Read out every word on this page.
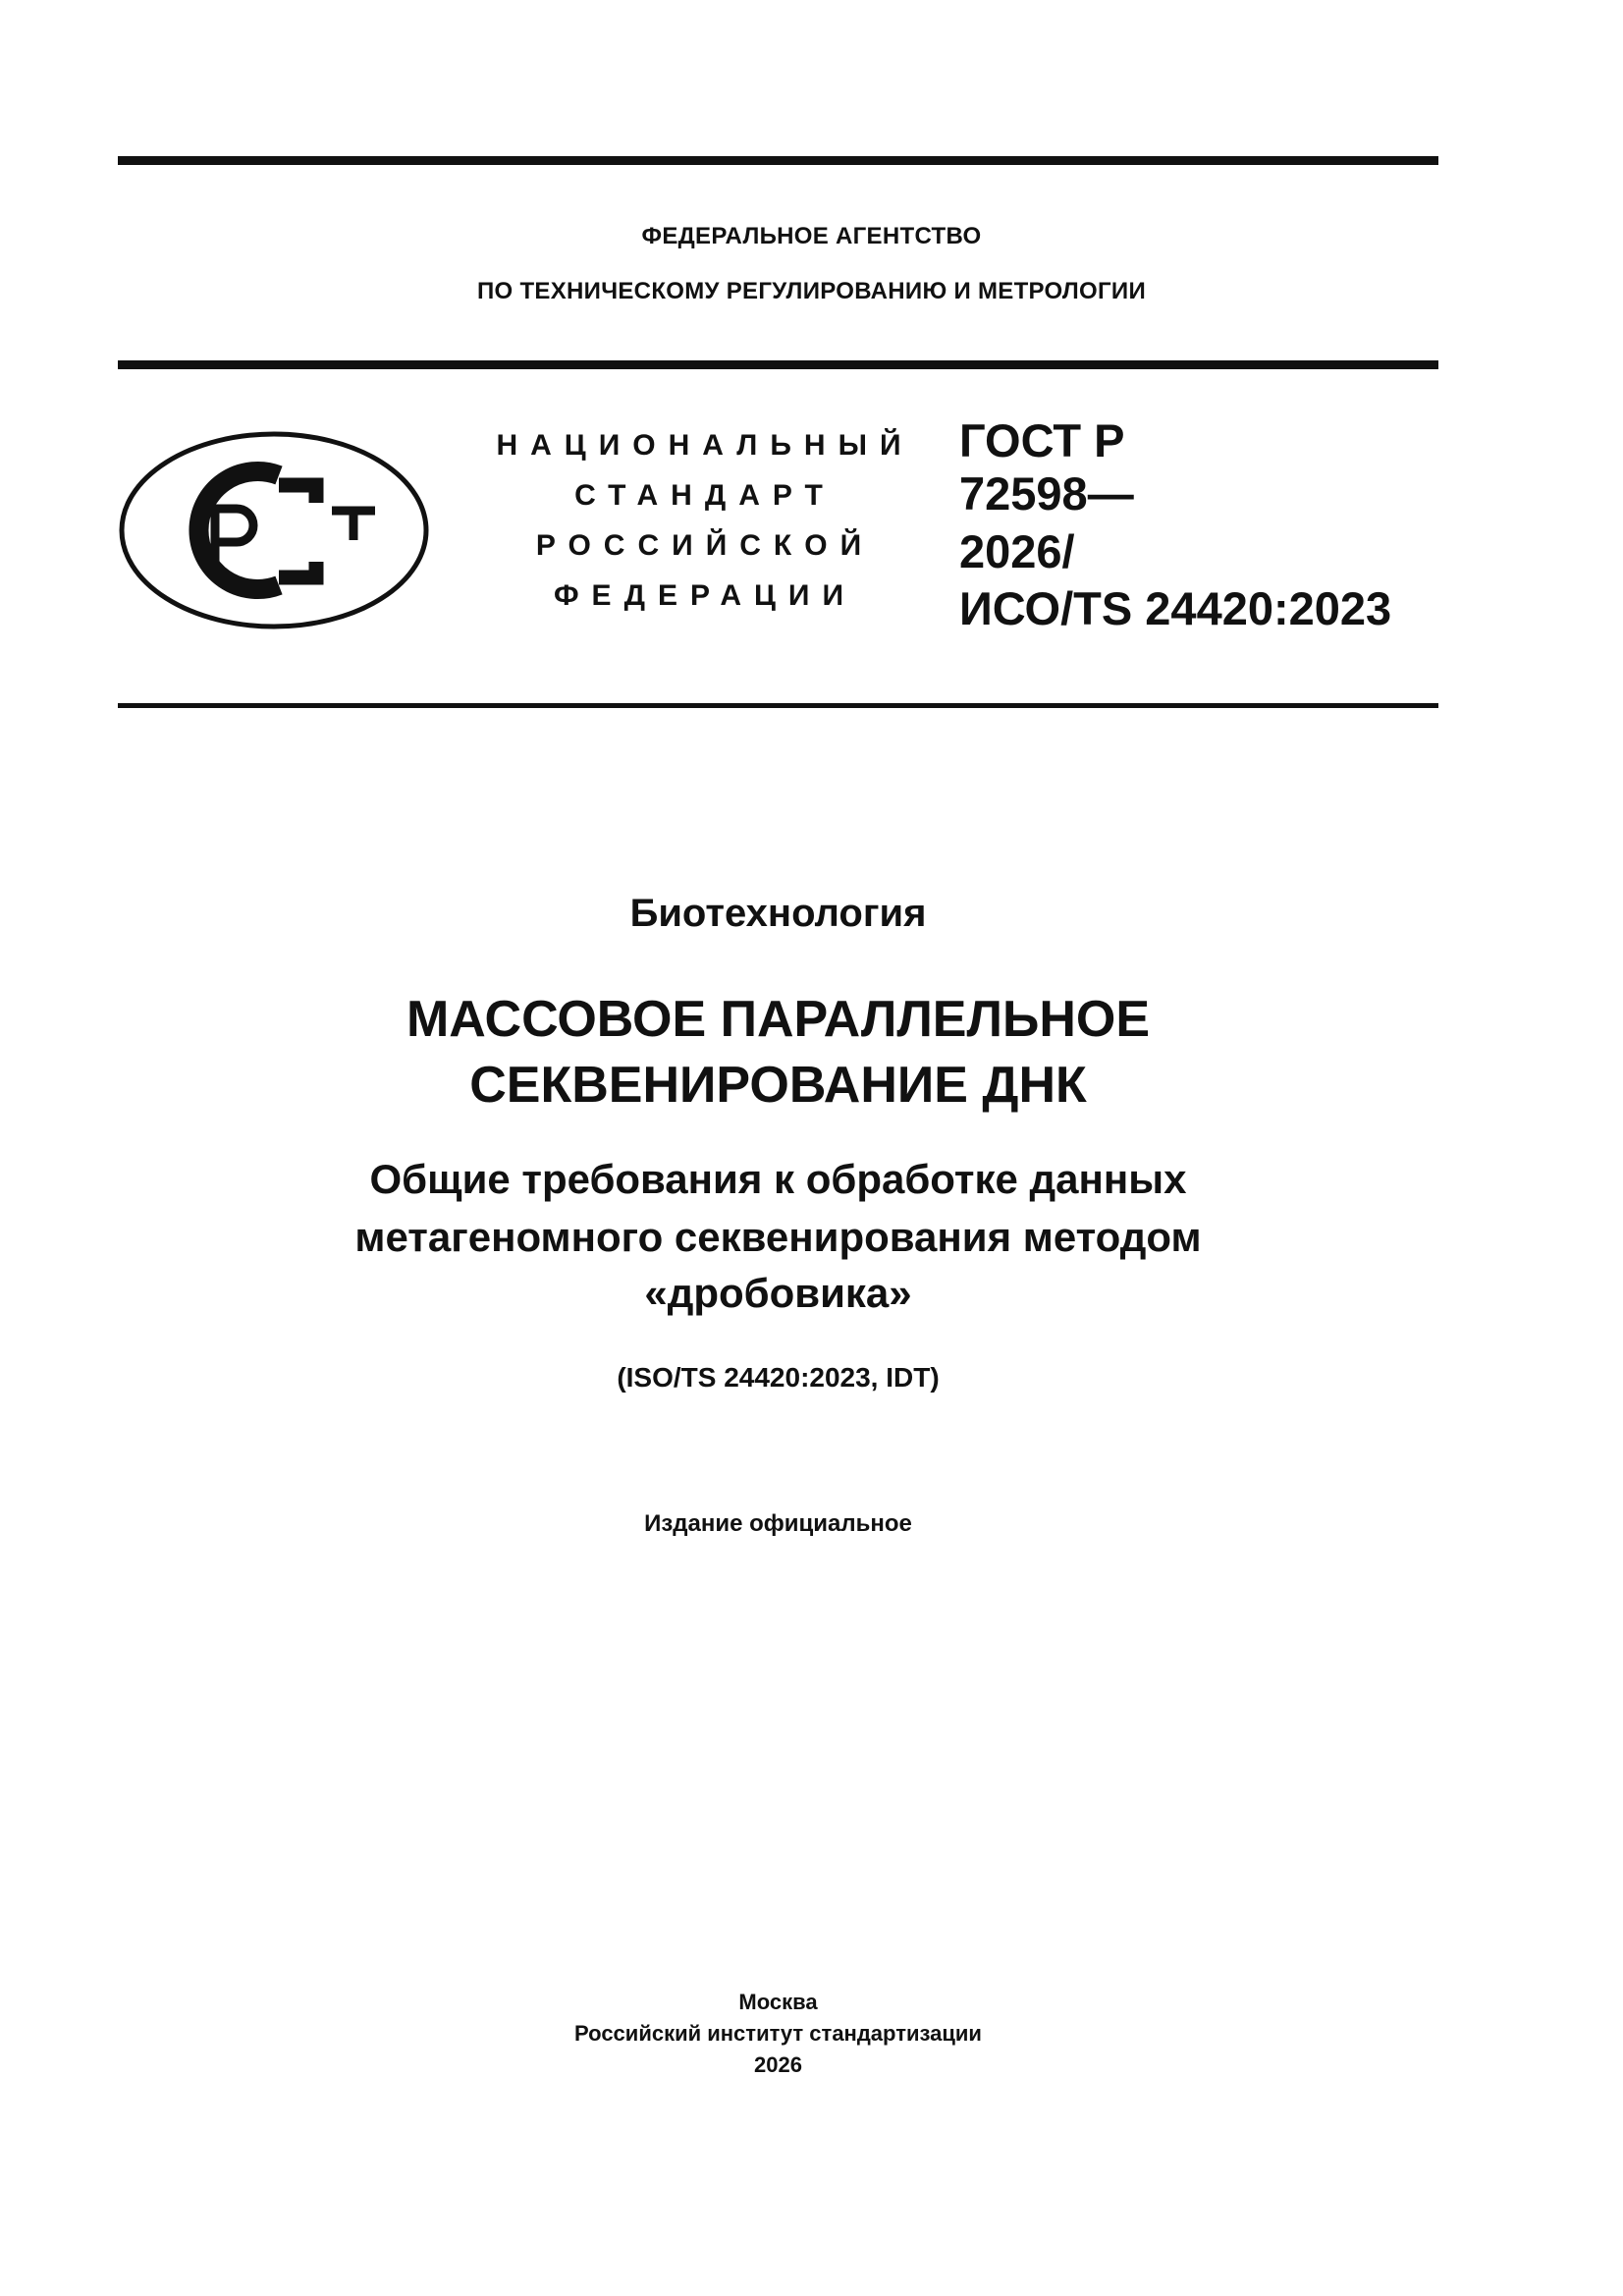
ФЕДЕРАЛЬНОЕ АГЕНТСТВО
ПО ТЕХНИЧЕСКОМУ РЕГУЛИРОВАНИЮ И МЕТРОЛОГИИ
НАЦИОНАЛЬНЫЙ
СТАНДАРТ
РОССИЙСКОЙ
ФЕДЕРАЦИИ
ГОСТ Р
72598—
2026/
ИСО/TS 24420:2023
Биотехнология
МАССОВОЕ ПАРАЛЛЕЛЬНОЕ
СЕКВЕНИРОВАНИЕ ДНК
Общие требования к обработке данных
метагеномного секвенирования методом
«дробовика»
(ISO/TS 24420:2023, IDT)
Издание официальное
Москва
Российский институт стандартизации
2026
